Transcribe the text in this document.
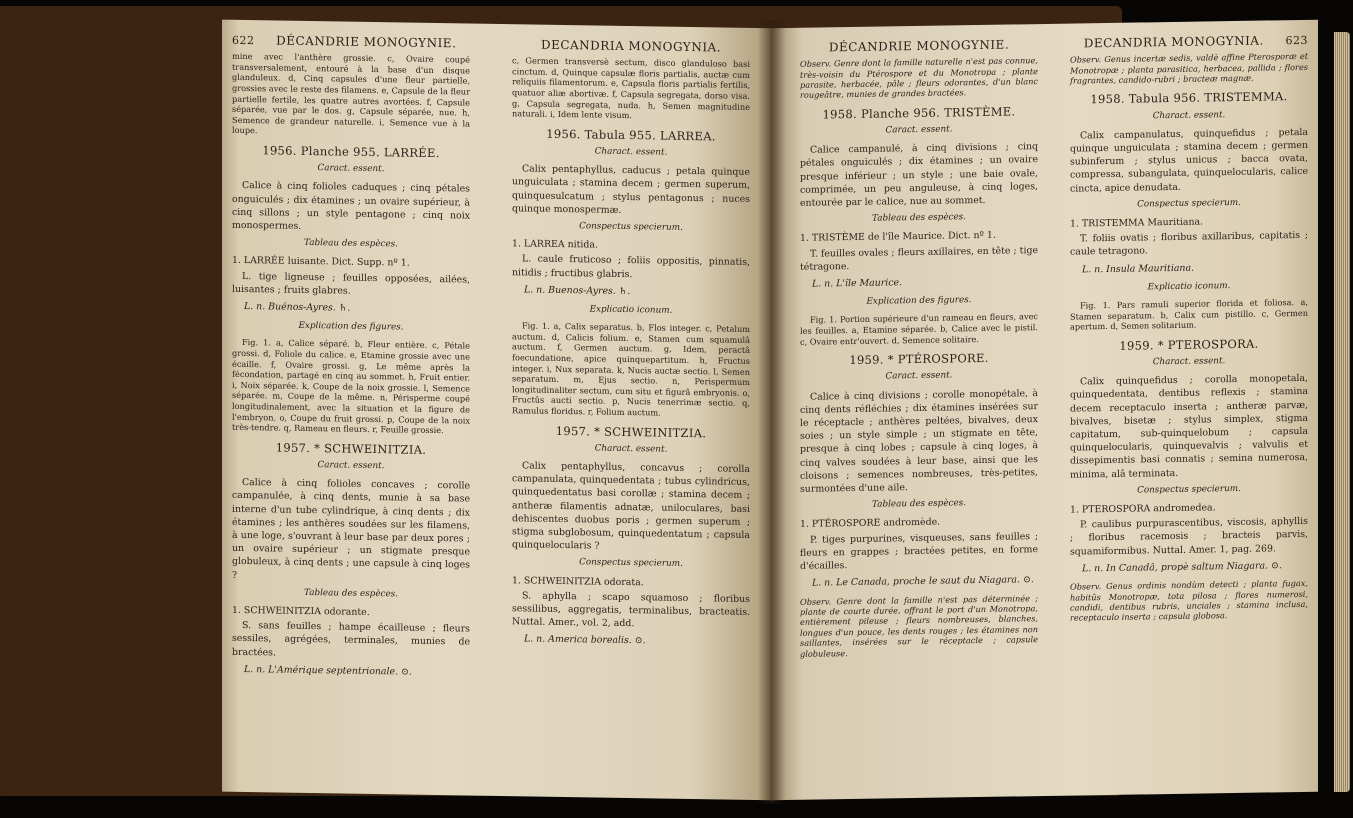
622	DÉCANDRIE MONOGYNIE.

mine avec l'anthère grossie. c, Ovaire coupé transversalement, entouré à la base d'un disque glanduleux. d, Cinq capsules d'une fleur partielle, grossies avec le reste des filamens. e, Capsule de la fleur partielle fertile, les quatre autres avortées. f, Capsule séparée, vue par le dos. g, Capsule séparée, nue. h, Semence de grandeur naturelle. i, Semence vue à la loupe.

1956. Planche 955. LARRÉE.
Caract. essent.

Calice à cinq folioles caduques ; cinq pétales onguiculés ; dix étamines ; un ovaire supérieur, à cinq sillons ; un style pentagone ; cinq noix monospermes.

Tableau des espèces.

1. LARRÉE luisante. Dict. Supp. nº 1.

L. tige ligneuse ; feuilles opposées, ailées, luisantes ; fruits glabres.

L. n. Buénos-Ayres. ♄.

Explication des figures.

Fig. 1. a, Calice séparé. b, Fleur entière. c, Pétale grossi. d, Foliole du calice. e, Etamine grossie avec une écaille. f, Ovaire grossi. g, Le même après la fécondation, partagé en cinq au sommet. h, Fruit entier. i, Noix séparée. k, Coupe de la noix grossie. l, Semence séparée. m, Coupe de la même. n, Périsperme coupé longitudinalement, avec la situation et la figure de l'embryon. o, Coupe du fruit grossi. p, Coupe de la noix très-tendre. q, Rameau en fleurs. r, Feuille grossie.

1957. * SCHWEINITZIA.
Caract. essent.

Calice à cinq folioles concaves ; corolle campanulée, à cinq dents, munie à sa base interne d'un tube cylindrique, à cinq dents ; dix étamines ; les anthères soudées sur les filamens, à une loge, s'ouvrant à leur base par deux pores ; un ovaire supérieur ; un stigmate presque globuleux, à cinq dents ; une capsule à cinq loges ?

Tableau des espèces.

1. SCHWEINITZIA odorante.

S. sans feuilles ; hampe écailleuse ; fleurs sessiles, agrégées, terminales, munies de bractées.

L. n. L'Amérique septentrionale. ⊙.

DECANDRIA MONOGYNIA.

c, Germen transversè sectum, disco glanduloso basi cinctum. d, Quinque capsulæ floris partialis, auctæ cum reliquiis filamentorum. e, Capsula floris partialis fertilis, quatuor aliæ abortivæ. f, Capsula segregata, dorso visa. g, Capsula segregata, nuda. h, Semen magnitudine naturali. i, Idem lente visum.

1956. Tabula 955. LARREA.
Charact. essent.

Calix pentaphyllus, caducus ; petala quinque unguiculata ; stamina decem ; germen superum, quinquesulcatum ; stylus pentagonus ; nuces quinque monospermæ.

Conspectus specierum.

1. LARREA nitida.

L. caule fruticoso ; foliis oppositis, pinnatis, nitidis ; fructibus glabris.

L. n. Buenos-Ayres. ♄.

Explicatio iconum.

Fig. 1. a, Calix separatus. b, Flos integer. c, Petalum auctum. d, Calicis folium. e, Stamen cum squamulâ auctum. f, Germen auctum. g, Idem, peractâ foecundatione, apice quinquepartitum. h, Fructus integer. i, Nux separata. k, Nucis auctæ sectio. l, Semen separatum. m, Ejus sectio. n, Perispermum longitudinaliter sectum, cum situ et figurâ embryonis. o, Fructûs aucti sectio. p, Nucis tenerrimæ sectio. q, Ramulus floridus. r, Folium auctum.

1957. * SCHWEINITZIA.
Charact. essent.

Calix pentaphyllus, concavus ; corolla campanulata, quinquedentata ; tubus cylindricus, quinquedentatus basi corollæ ; stamina decem ; antheræ filamentis adnatæ, uniloculares, basi dehiscentes duobus poris ; germen superum ; stigma subglobosum, quinquedentatum ; capsula quinquelocularis ?

Conspectus specierum.

1. SCHWEINITZIA odorata.

S. aphylla ; scapo squamoso ; floribus sessilibus, aggregatis, terminalibus, bracteatis. Nuttal. Amer., vol. 2, add.

L. n. America borealis. ⊙.

DÉCANDRIE MONOGYNIE.

Observ. Genre dont la famille naturelle n'est pas connue, très-voisin du Ptérospore et du Monotropa ; plante parasite, herbacée, pâle ; fleurs odorantes, d'un blanc rougeâtre, munies de grandes bractées.

1958. Planche 956. TRISTÈME.
Caract. essent.

Calice campanulé, à cinq divisions ; cinq pétales onguiculés ; dix étamines ; un ovaire presque inférieur ; un style ; une baie ovale, comprimée, un peu anguleuse, à cinq loges, entourée par le calice, nue au sommet.

Tableau des espèces.

1. TRISTÈME de l'île Maurice. Dict. nº 1.

T. feuilles ovales ; fleurs axillaires, en tête ; tige tétragone.

L. n. L'île Maurice.

Explication des figures.

Fig. 1. Portion supérieure d'un rameau en fleurs, avec les feuilles. a, Etamine séparée. b, Calice avec le pistil. c, Ovaire entr'ouvert. d, Semence solitaire.

1959. * PTÉROSPORE.
Caract. essent.

Calice à cinq divisions ; corolle monopétale, à cinq dents réfléchies ; dix étamines insérées sur le réceptacle ; anthères peltées, bivalves, deux soies ; un style simple ; un stigmate en tête, presque à cinq lobes ; capsule à cinq loges, à cinq valves soudées à leur base, ainsi que les cloisons ; semences nombreuses, très-petites, surmontées d'une aile.

Tableau des espèces.

1. PTÉROSPORE andromède.

P. tiges purpurines, visqueuses, sans feuilles ; fleurs en grappes ; bractées petites, en forme d'écailles.

L. n. Le Canada, proche le saut du Niagara. ⊙.

Observ. Genre dont la famille n'est pas déterminée ; plante de courte durée, offrant le port d'un Monotropa, entièrement pileuse ; fleurs nombreuses, blanches, longues d'un pouce, les dents rouges ; les étamines non saillantes, insérées sur le réceptacle ; capsule globuleuse.

DECANDRIA MONOGYNIA.	623

Observ. Genus incertæ sedis, valdè affine Pterosporæ et Monotropæ ; planta parasitica, herbacea, pallida ; flores fragrantes, candido-rubri ; bracteæ magnæ.

1958. Tabula 956. TRISTEMMA.
Charact. essent.

Calix campanulatus, quinquefidus ; petala quinque unguiculata ; stamina decem ; germen subinferum ; stylus unicus ; bacca ovata, compressa, subangulata, quinquelocularis, calice cincta, apice denudata.

Conspectus specierum.

1. TRISTEMMA Mauritiana.

T. foliis ovatis ; floribus axillaribus, capitatis ; caule tetragono.

L. n. Insula Mauritiana.

Explicatio iconum.

Fig. 1. Pars ramuli superior florida et foliosa. a, Stamen separatum. b, Calix cum pistillo. c, Germen apertum. d, Semen solitarium.

1959. * PTEROSPORA.
Charact. essent.

Calix quinquefidus ; corolla monopetala, quinquedentata, dentibus reflexis ; stamina decem receptaculo inserta ; antheræ parvæ, bivalves, bisetæ ; stylus simplex, stigma capitatum, sub-quinquelobum ; capsula quinquelocularis, quinquevalvis ; valvulis et dissepimentis basi connatis ; semina numerosa, minima, alâ terminata.

Conspectus specierum.

1. PTEROSPORA andromedea.

P. caulibus purpurascentibus, viscosis, aphyllis ; floribus racemosis ; bracteis parvis, squamiformibus. Nuttal. Amer. 1, pag. 269.

L. n. In Canadâ, propè saltum Niagara. ⊙.

Observ. Genus ordinis nondùm detecti ; planta fugax, habitûs Monotropæ, tota pilosa ; flores numerosi, candidi, dentibus rubris, unciales ; stamina inclusa, receptaculo inserta ; capsula globosa.
